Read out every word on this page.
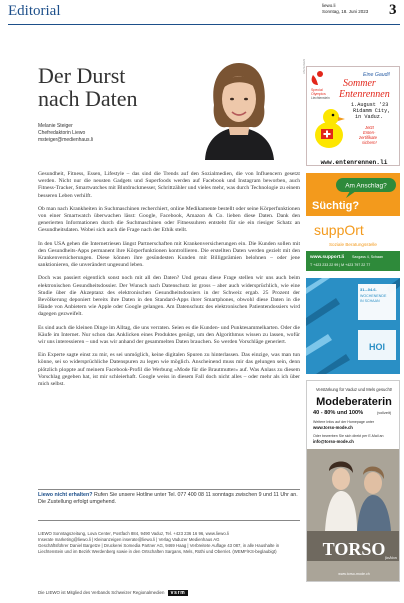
Editorial	liewo.li
Sonntag, 18. Juni 2023 3
Der Durst
nach Daten
Melanie Steiger
Chefredaktorin Liewo
msteiger@medienhaus.li

Gesundheit, Fitness, Essen, Lifestyle – das sind die Trends auf den Sozialmedien, die von Influencern gesetzt werden. Nicht nur die neusten Gadgets und Superfoods werden auf Facebook und Instagram beworben, auch Fitness-Tracker, Smartwatches mit Blutdruckmesser, Schrittzähler und vieles mehr, was durch Technologie zu einem besseren Leben verhilft.

Ob man nach Krankheiten in Suchmaschinen recherchiert, online Medikamente bestellt oder seine Körperfunktionen von einer Smartwatch überwachen lässt: Google, Facebook, Amazon & Co. lieben diese Daten. Dank den generierten Informationen durch die Suchmaschinen oder Fitnessuhren entsteht für sie ein riesiger Schatz an Gesundheitsdaten. Wobei sich auch die Frage nach der Ethik stellt.

In den USA gehen die Internetriesen längst Partnerschaften mit Krankenversicherungen ein. Die Kunden sollen mit den Gesundheits-Apps permanent ihre Körperfunktionen kontrollieren. Die erstellten Daten werden gezielt mit den Krankenversicherungen. Diese können ihre gesündesten Kunden mit Billigprämien belohnen – oder jene sanktionieren, die unverändert ungesund leben.

Doch was passiert eigentlich sonst noch mit all den Daten? Und genau diese Frage stellen wir uns auch beim elektronischen Gesundheitsdossier. Der Wunsch nach Datenschutz ist gross – aber auch widersprüchlich, wie eine Studie über die Akzeptanz des elektronischen Gesundheitsdossiers in der Schweiz ergab. 25 Prozent der Bevölkerung deponiert bereits ihre Daten in den Standard-Apps ihrer Smartphones, obwohl diese Daten in die Hände von Anbietern wie Apple oder Google gelangen. Am Datenschutz des elektronischen Patientendossiers wird dagegen gezweifelt.

Es sind auch die kleinen Dinge im Alltag, die uns verraten. Seien es die Kunden- und Punktesammelkarten. Oder die Käufe im Internet. Nur schon das Anklicken eines Produktes genügt, um den Algorithmus wissen zu lassen, wofür wir uns interessieren – und was wir anhand der gesammelten Daten brauchen. So werden Vorschläge generiert.

Ein Experte sagte einst zu mir, es sei unmöglich, keine digitalen Spuren zu hinterlassen. Das einzige, was man tun könne, sei so widersprüchliche Datenspuren zu legen wie möglich. Anscheinend muss mir das gelungen sein, denn plötzlich ploppte auf meinem Facebook-Profil die Werbung «Mode für die Brautmutter» auf. Was Anlass zu diesem Vorschlag gegeben hat, ist mir schleierhaft. Google weiss in diesem Fall doch nicht alles – oder mehr als ich über mich selbst.

Liewo nicht erhalten? Rufen Sie unsere Hotline unter Tel. 077 400 08 11 sonntags zwischen 9 und 11 Uhr an. Die Zustellung erfolgt umgehend.
LIEWO Sonntagszeitung, Lova Center, Postfach 884, 9490 Vaduz, Tel. +423 236 16 96, www.liewo.li
Inserate marketing@liewo.li | Kleinanzeigen inserate@liewo.li | Verlag Vaduzer Medienhaus AG
Geschäftsführer Daniel Bargetze | Druckerei Somedia Partner AG, 9469 Haag | Verbreitete Auflage 43 087, in alle Haushalte in Liechtenstein und im Bezirk Werdenberg sowie in den Ortschaften Sargans, Mels, Rüthi und Oberriet. (WEMF/KS-beglaubigt)
Die LIEWO ist Mitglied des Verbands Schweizer Regionalmedien vsrm
ANZEIGEN
Special
Olympics
Liechtenstein
Eine Gaudi!
Sommer
Entenrennen
1.August '23
Ridamm City,
in Vaduz.
Jetzt
Enten-
zertifikate
sichern!
www.entenrennen.li
Am Anschlag?
Süchtig?
suppOrt
Soziale Beratungsstelle
www.support.li Saxgass 4, Schaan
T +423 233 22 99 | M +423 797 22 77
31.–04.6.
WOCHENENDE
IN SCHAAN
HOI
Verstärkung für Vaduz und Mels gesucht!
Modeberaterin
40 - 80% und 100%	(vollzeit)
Weitere Infos auf der Homepage unter
www.torso-mode.ch
Oder bewerben Sie sich direkt per E-Mail an
info@torso-mode.ch
TORSO fashion
www.torso-mode.ch
